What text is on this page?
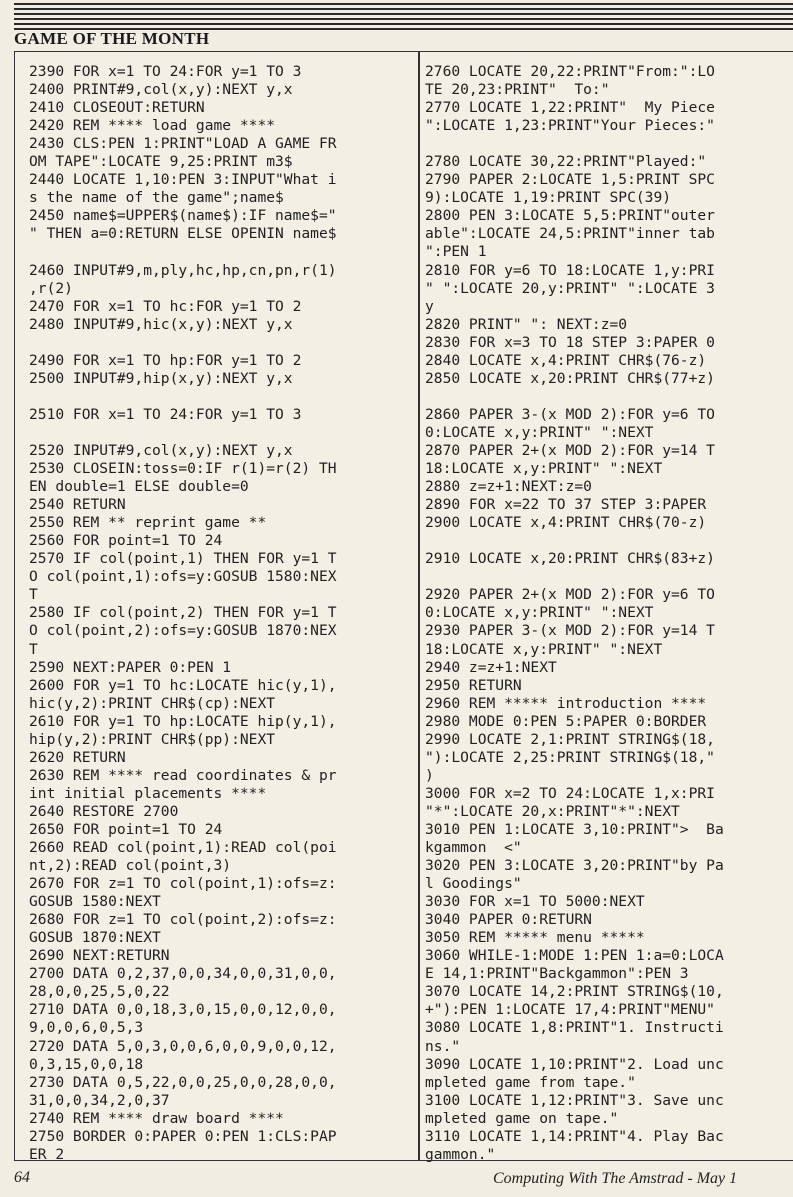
GAME OF THE MONTH
2390 FOR x=1 TO 24:FOR y=1 TO 3
2400 PRINT#9,col(x,y):NEXT y,x
2410 CLOSEOUT:RETURN
2420 REM **** load game ****
2430 CLS:PEN 1:PRINT"LOAD A GAME FR
OM TAPE":LOCATE 9,25:PRINT m3$
2440 LOCATE 1,10:PEN 3:INPUT"What i
s the name of the game";name$
2450 name$=UPPER$(name$):IF name$="
" THEN a=0:RETURN ELSE OPENIN name$
2460 INPUT#9,m,ply,hc,hp,cn,pn,r(1)
,r(2)
2470 FOR x=1 TO hc:FOR y=1 TO 2
2480 INPUT#9,hic(x,y):NEXT y,x
2490 FOR x=1 TO hp:FOR y=1 TO 2
2500 INPUT#9,hip(x,y):NEXT y,x
2510 FOR x=1 TO 24:FOR y=1 TO 3
2520 INPUT#9,col(x,y):NEXT y,x
2530 CLOSEIN:toss=0:IF r(1)=r(2) TH
EN double=1 ELSE double=0
2540 RETURN
2550 REM ** reprint game **
2560 FOR point=1 TO 24
2570 IF col(point,1) THEN FOR y=1 T
O col(point,1):ofs=y:GOSUB 1580:NEX
T
2580 IF col(point,2) THEN FOR y=1 T
O col(point,2):ofs=y:GOSUB 1870:NEX
T
2590 NEXT:PAPER 0:PEN 1
2600 FOR y=1 TO hc:LOCATE hic(y,1),
hic(y,2):PRINT CHR$(cp):NEXT
2610 FOR y=1 TO hp:LOCATE hip(y,1),
hip(y,2):PRINT CHR$(pp):NEXT
2620 RETURN
2630 REM **** read coordinates & pr
int initial placements ****
2640 RESTORE 2700
2650 FOR point=1 TO 24
2660 READ col(point,1):READ col(poi
nt,2):READ col(point,3)
2670 FOR z=1 TO col(point,1):ofs=z:
GOSUB 1580:NEXT
2680 FOR z=1 TO col(point,2):ofs=z:
GOSUB 1870:NEXT
2690 NEXT:RETURN
2700 DATA 0,2,37,0,0,34,0,0,31,0,0,
28,0,0,25,5,0,22
2710 DATA 0,0,18,3,0,15,0,0,12,0,0,
9,0,0,6,0,5,3
2720 DATA 5,0,3,0,0,6,0,0,9,0,0,12,
0,3,15,0,0,18
2730 DATA 0,5,22,0,0,25,0,0,28,0,0,
31,0,0,34,2,0,37
2740 REM **** draw board ****
2750 BORDER 0:PAPER 0:PEN 1:CLS:PAP
ER 2
2760 LOCATE 20,22:PRINT"From:":LO
TE 20,23:PRINT"  To:"
2770 LOCATE 1,22:PRINT"  My Piece
":LOCATE 1,23:PRINT"Your Pieces:"
2780 LOCATE 30,22:PRINT"Played:"
2790 PAPER 2:LOCATE 1,5:PRINT SPC
9):LOCATE 1,19:PRINT SPC(39)
2800 PEN 3:LOCATE 5,5:PRINT"outer
able":LOCATE 24,5:PRINT"inner tab
":PEN 1
2810 FOR y=6 TO 18:LOCATE 1,y:PRI
" ":LOCATE 20,y:PRINT" ":LOCATE 3
y
2820 PRINT" ": NEXT:z=0
2830 FOR x=3 TO 18 STEP 3:PAPER 0
2840 LOCATE x,4:PRINT CHR$(76-z)
2850 LOCATE x,20:PRINT CHR$(77+z)
2860 PAPER 3-(x MOD 2):FOR y=6 TO
0:LOCATE x,y:PRINT" ":NEXT
2870 PAPER 2+(x MOD 2):FOR y=14 T
18:LOCATE x,y:PRINT" ":NEXT
2880 z=z+1:NEXT:z=0
2890 FOR x=22 TO 37 STEP 3:PAPER
2900 LOCATE x,4:PRINT CHR$(70-z)
2910 LOCATE x,20:PRINT CHR$(83+z)
2920 PAPER 2+(x MOD 2):FOR y=6 TO
0:LOCATE x,y:PRINT" ":NEXT
2930 PAPER 3-(x MOD 2):FOR y=14 T
18:LOCATE x,y:PRINT" ":NEXT
2940 z=z+1:NEXT
2950 RETURN
2960 REM ***** introduction ****
2980 MODE 0:PEN 5:PAPER 0:BORDER
2990 LOCATE 2,1:PRINT STRING$(18,
"):LOCATE 2,25:PRINT STRING$(18,"
)
3000 FOR x=2 TO 24:LOCATE 1,x:PRI
"*":LOCATE 20,x:PRINT"*":NEXT
3010 PEN 1:LOCATE 3,10:PRINT">  Ba
kgammon  <"
3020 PEN 3:LOCATE 3,20:PRINT"by Pa
l Goodings"
3030 FOR x=1 TO 5000:NEXT
3040 PAPER 0:RETURN
3050 REM ***** menu *****
3060 WHILE-1:MODE 1:PEN 1:a=0:LOCA
E 14,1:PRINT"Backgammon":PEN 3
3070 LOCATE 14,2:PRINT STRING$(10,
+"):PEN 1:LOCATE 17,4:PRINT"MENU"
3080 LOCATE 1,8:PRINT"1. Instructi
ns."
3090 LOCATE 1,10:PRINT"2. Load unc
mpleted game from tape."
3100 LOCATE 1,12:PRINT"3. Save unc
mpleted game on tape."
3110 LOCATE 1,14:PRINT"4. Play Bac
gammon."
64	Computing With The Amstrad - May 1
